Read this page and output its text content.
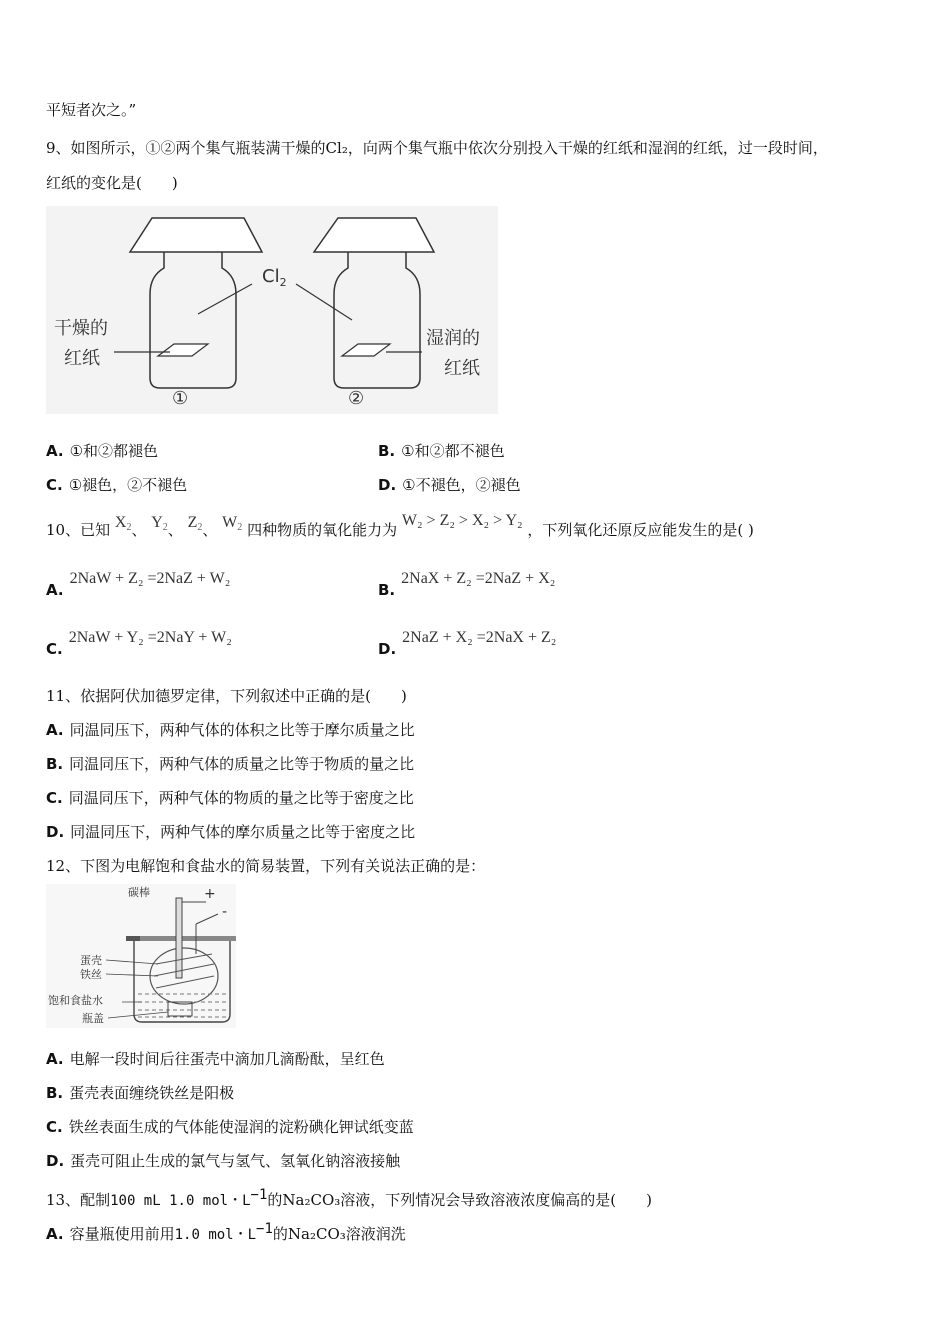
平短者次之。”
9、如图所示，①②两个集气瓶装满干燥的Cl₂，向两个集气瓶中依次分别投入干燥的红纸和湿润的红纸，过一段时间，
红纸的变化是(　　)
$Cl_2$
干燥的
红纸
湿润的
红纸
①	②
A. ①和②都褪色	B. ①和②都不褪色
C. ①褪色，②不褪色	D. ①不褪色，②褪色
10、已知 $X_2$、 $Y_2$、 $Z_2$、 $W_2$ 四种物质的氧化能力为 W₂ > Z₂ > X₂ > Y₂ ，下列氧化还原反应能发生的是( )
A.2NaW + Z₂ =2NaZ + W₂
B.2NaX + Z₂ =2NaZ + X₂
C.2NaW + Y₂ =2NaY + W₂
D.2NaZ + X₂ =2NaX + Z₂
11、依据阿伏加德罗定律，下列叙述中正确的是(　　)
A. 同温同压下，两种气体的体积之比等于摩尔质量之比
B. 同温同压下，两种气体的质量之比等于物质的量之比
C. 同温同压下，两种气体的物质的量之比等于密度之比
D. 同温同压下，两种气体的摩尔质量之比等于密度之比
12、下图为电解饱和食盐水的简易装置，下列有关说法正确的是：
碳棒	+
-
蛋壳
铁丝
饱和食盐水
瓶盖
A. 电解一段时间后往蛋壳中滴加几滴酚酞，呈红色
B. 蛋壳表面缠绕铁丝是阳极
C. 铁丝表面生成的气体能使湿润的淀粉碘化钾试纸变蓝
D. 蛋壳可阻止生成的氯气与氢气、氢氧化钠溶液接触
13、配制100 mL 1.0 mol・L−1的Na₂CO₃溶液，下列情况会导致溶液浓度偏高的是(　　)
A. 容量瓶使用前用1.0 mol・L−1的Na₂CO₃溶液润洗
